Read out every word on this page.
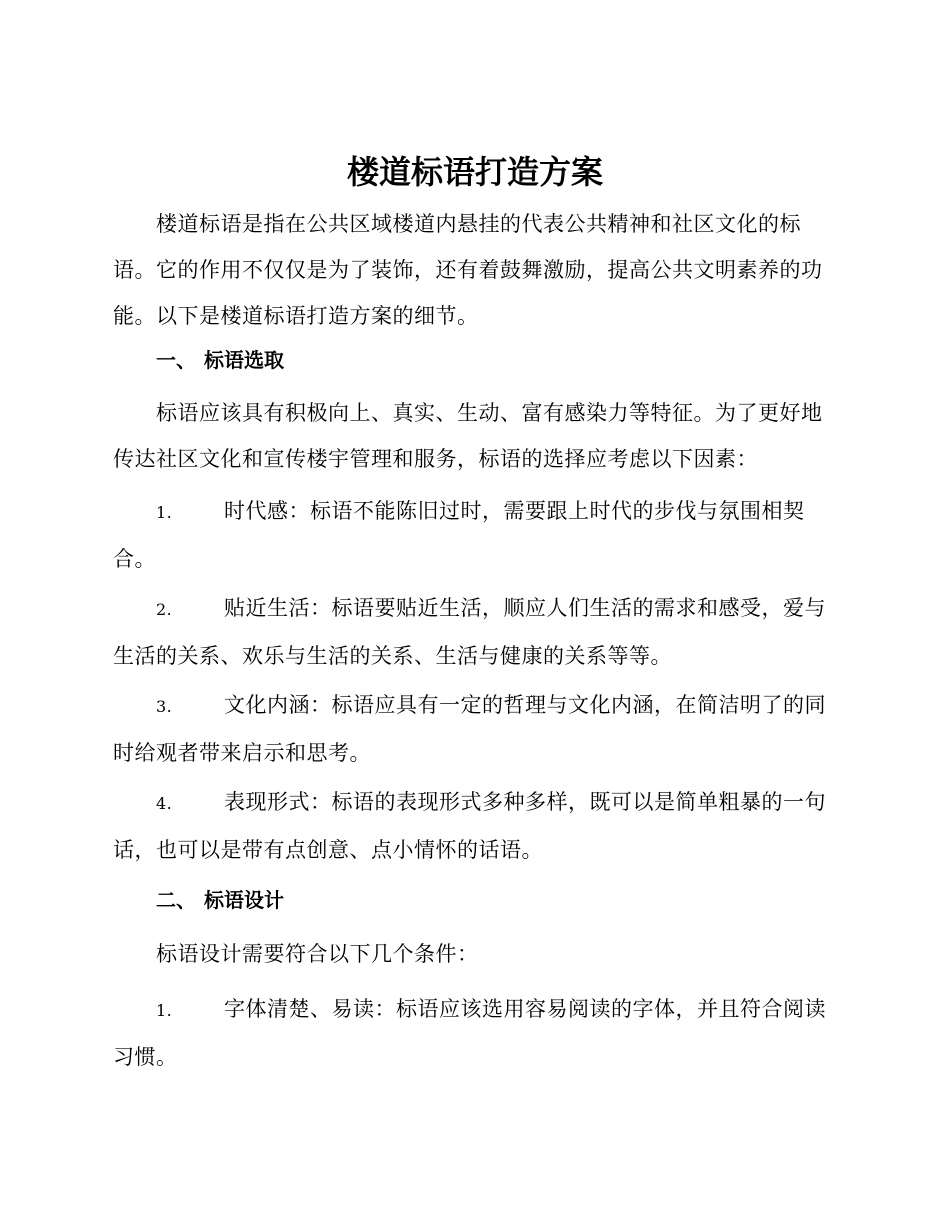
楼道标语打造方案

楼道标语是指在公共区域楼道内悬挂的代表公共精神和社区文化的标语。它的作用不仅仅是为了装饰，还有着鼓舞激励，提高公共文明素养的功能。以下是楼道标语打造方案的细节。

一、 标语选取

标语应该具有积极向上、真实、生动、富有感染力等特征。为了更好地传达社区文化和宣传楼宇管理和服务，标语的选择应考虑以下因素：

1. 时代感：标语不能陈旧过时，需要跟上时代的步伐与氛围相契合。

2. 贴近生活：标语要贴近生活，顺应人们生活的需求和感受，爱与生活的关系、欢乐与生活的关系、生活与健康的关系等等。

3. 文化内涵：标语应具有一定的哲理与文化内涵，在简洁明了的同时给观者带来启示和思考。

4. 表现形式：标语的表现形式多种多样，既可以是简单粗暴的一句话，也可以是带有点创意、点小情怀的话语。

二、 标语设计

标语设计需要符合以下几个条件：

1. 字体清楚、易读：标语应该选用容易阅读的字体，并且符合阅读习惯。
